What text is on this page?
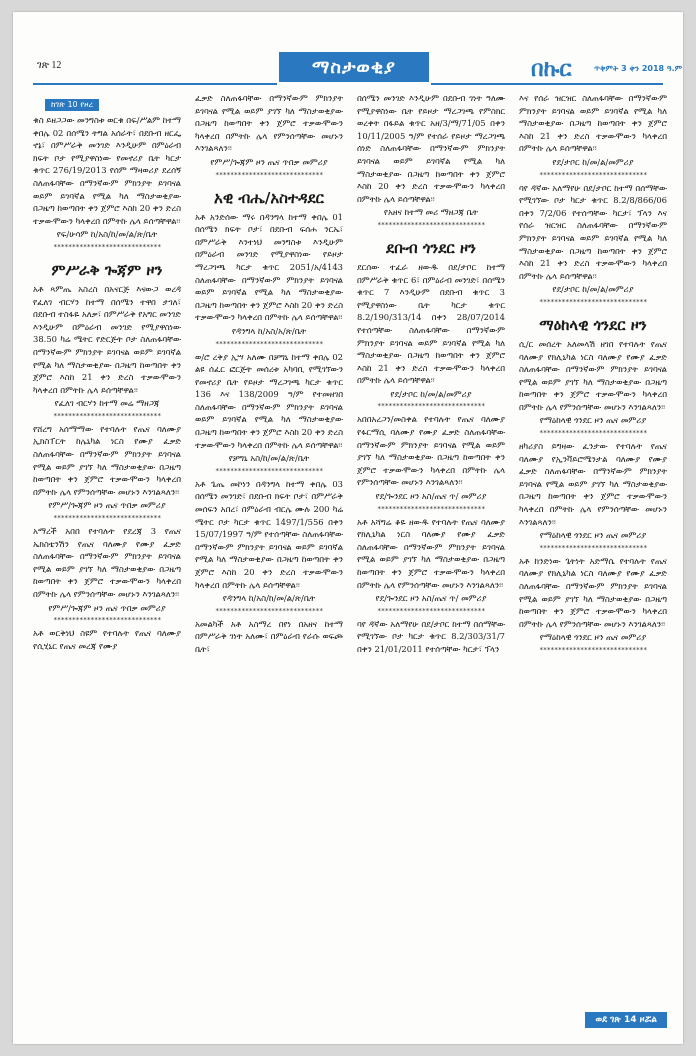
ገጽ 12	ማስታወቂያ	በኩር	ጥቅምት 3 ቀን 2018 ዓ.ም
ከገጽ 10 የዞረ

ቁስ ይዘጋጋው መንግስቱ ወርቁ በፍ/ሥልም ከተማ ቀበሌ 02 በሰሜን ትግል አሰራት፣ በደቡብ ዘርፌ ኖኔ፣ በምሥራቅ መንገድ እንዲሁም በምዕራብ ክፍት ቦታ የሚያዋስነው የመኖሪያ ቤት ካርታ ቁጥር 276/19/2013 የሰም ማዛወሪያ ደረሰኝ ስለጠፋባቸው በማንኛውም ምክንያት ይገባናል ወይም ይገባኛል የሚል ካለ ማስታወቂያው በጋዜጣ ከወጣበት ቀን ጀምሮ እስከ 20 ቀን ድረስ ተቃውሞውን ካላቀረበ በምትኩ ሌላ ይሰጣቸዋል፡፡

የፍ/ሁሳም ከ/አስ/ከ/መ/ል/ጽ/ቤት
*****************************
ምሥራቅ ጐጃም ዞን

አቶ ጻምጤ አስረስ በአናርጅ እናውጋ ወረዳ የፈለገ ብርሃን ከተማ በሰሜን ተዋበ ታገለ፣ በደቡብ ተስፋዬ አለቃ፣ በምሥራቅ የአግር መንገድ እንዲሁም በምዕራብ መንገድ የሚያዋስነው 38.50 ካሬ ሜትር የድርጅት ቦታ ስለጠፋባቸው በማንኛውም ምክንያት ይገባናል ወይም ይገባኛል የሚል ካለ ማስታወቂያው በጋዜጣ ከወጣበት ቀን ጀምሮ እስከ 21 ቀን ድረስ ተቃውሞውን ካላቀረበ በምትኩ ሌላ ይሰጣቸዋል፡፡

የፈለገ ብርሃን ከተማ መሬ ማዘጋጃ
*****************************

የሸረግ አሰማማው የተባሉት የጤና ባለሙያ ኢክስፐርት ከሌኒካል ነርስ የሙያ ፈቃድ ስለጠፋባቸው በማንኛውም ምክንያት ይገባናል የሚል ወይም ያገኘ ካለ ማስታወቂያው በጋዜጣ ከወጣበት ቀን ጀምሮ ተቃውሞውን ካላቀረበ በምትኩ ሌላ የምንሰጣቸው መሆኑን እንገልጻለን፡፡

የምሥ/ጐጃም ዞን ጤና ጥበቃ መምሪያ
*****************************

አማረች አበበ የተባሉት የደረጃ 3 የጤና ኤክስቴንሽን የጤና ባለሙያ የሙያ ፈቃድ ስለጠፋባቸው በማንኛውም ምክንያት ይገባናል የሚል ወይም ያገኘ ካለ ማስታወቂያው በጋዜጣ ከወጣበት ቀን ጀምሮ ተቃውሞውን ካላቀረበ በምትኩ ሌላ የምንሰጣቸው መሆኑን እንገልጻለን፡፡

የምሥ/ጐጃም ዞን ጤና ጥበቃ መምሪያ
*****************************

አቶ ወርቅነህ ስዩም የተባሉት የጤና ባለሙያ የሲሂኒር የጤና መረጃ የሙያ

ፈቃድ ስለጠፋባቸው በማንኛውም ምክንያት ይገባናል የሚል ወይም ያገኘ ካለ ማስታወቂያው በጋዜጣ ከወጣበት ቀን ጀምሮ ተቃውሞውን ካላቀረበ በምትኩ ሌላ የምንሰጣቸው መሆኑን እንገልጻለን፡፡

የምሥ/ጐጃም ዞን ጤና ጥበቃ መምሪያ
*****************************
አዊ ብሔ/አስተዳደር

አቶ አንድሰው ማሩ በዳንግላ ከተማ ቀበሌ 01 በሰሜን ክፍት ቦታ፣ በደቡብ ፍሰሐ ንርኤ፣ በምሥራቅ እንተነህ መንግስቱ እንዲሁም በምዕራብ መንገድ የሚያዋስነው የይዞታ ማረጋገጫ ካርታ ቁጥር 2051/አ/4143 ስለጠፋባቸው በማንኛውም ምክንያት ይገባናል ወይም ይገባኛል የሚል ካለ ማስታወቂያው በጋዜጣ ከወጣበት ቀን ጀምሮ እስከ 20 ቀን ድረስ ተቃውሞውን ካላቀረበ በምትኩ ሌላ ይሰጣቸዋል፡፡

የዳንግላ ከ/አስ/አ/ጽ/ቤት
*****************************

ወ/ሮ ረቅያ ኢሣ አለሙ በቻግኒ ከተማ ቀበሌ 02 ልዩ ሰፈር ፎርጅት መሰረቱ አካባቢ የሚገኘውን የመኖሪያ ቤት የይዞታ ማረጋገጫ ካርታ ቁጥር 136 እና 138/2009 ዓ/ም የተመዘገበ ስለጠፋባቸው በማንኛውም ምክንያት ይገባናል ወይም ይገባኛል የሚል ካለ ማስታወቂያው በጋዜጣ ከወጣበት ቀን ጀምሮ እስከ 20 ቀን ድረስ ተቃውሞውን ካላቀረበ በምትኩ ሌላ ይሰጣቸዋል፡፡

የቻግኒ አስ/ከ/መ/ል/ጽ/ቤት
*****************************

አቶ ጌጤ መኮነን በዳንግላ ከተማ ቀበሌ 03 በሰሜን መንገድ፣ በደቡብ ክፍት ቦታ፣ በምሥራቅ መሰፍን አበረ፣ በምዕራብ ብርሌ ሙሉ 200 ካሬ ሜትር ቦታ ካርታ ቁጥር 1497/1/556 በቀን 15/07/1997 ዓ/ም የተሰጣቸው ስለጠፋባቸው በማንኛውም ምክንያት ይገባናል ወይም ይገባኛል የሚል ካለ ማስታወቂያው በጋዜጣ ከወጣበት ቀን ጀምሮ እስከ 20 ቀን ድረስ ተቃውሞውን ካላቀረበ በምትኩ ሌላ ይሰጣቸዋል፡፡

የዳንግላ ከ/አስ/ከ/መ/ል/ጽ/ቤት
*****************************

አመልካች አቶ አስማረ በየነ በአዘና ከተማ በምሥራቅ ገነት አለሙ፣ በምዕራብ የራሱ ወፍጮ ቤት፣

በሰሜን መንገድ እንዲሁም በደቡብ ገነት ዓለሙ የሚያዋስነው ቤት የይዞታ ማረጋገጫ የምስክር ወረቀት በፋይል ቁጥር አዘ/3/ማ/71/05 በቀን 10/11/2005 ዓ/ም የተሰራ የይዞታ ማረጋገጫ ሰነድ ስለጠፋባቸው በማንኛውም ምክንያት ይገባናል ወይም ይገባኛል የሚል ካለ ማስታወቂያው በጋዜጣ ከወጣበት ቀን ጀምሮ እስከ 20 ቀን ድረስ ተቃውሞውን ካላቀረበ በምትኩ ሌላ ይሰጣቸዋል፡፡

የአዘና ከተማ መሪ ማዘጋጃ ቤት
*****************************
ደቡብ ጎንደር ዞን

ደርሰው ተፈራ ዘውዱ በደ/ታቦር ከተማ በምሥራቅ ቁጥር 6፣ በምዕራብ መንገድ፣ በሰሜን ቁጥር 7 እንዲሁም በደቡብ ቁጥር 3 የሚያዋስነው ቤት ካርታ ቁጥር 8.2/190/313/14 በቀን 28/07/2014 የተሰጣቸው ስለጠፋባቸው በማንኛውም ምክንያት ይገባናል ወይም ይገባኛል የሚል ካለ ማስታወቂያው በጋዜጣ ከወጣበት ቀን ጀምሮ እስከ 21 ቀን ድረስ ተቃውሞውን ካላቀረበ በምትኩ ሌላ ይሰጣቸዋል፡፡

የደ/ታቦር ከ/መ/ል/መምሪያ
*****************************

አበበአረጋን/መስቀል የተባሉት የጤና ባለሙያ የፋርማሲ ባለሙያ የሙያ ፈቃድ ስለጠፋባቸው በማንኛውም ምክንያት ይገባናል የሚል ወይም ያገኘ ካለ ማስታወቂያው በጋዜጣ ከወጣበት ቀን ጀምሮ ተቃውሞውን ካላቀረበ በምትኩ ሌላ የምንሰጣቸው መሆኑን እንገልጻለን፡፡

የደ/ጐንደር ዞን አስ/ጤና ጥ/ መምሪያ
*****************************

አቶ አሻግሬ ቆዬ ዘውዱ የተባሉት የጤና ባለሙያ የክሊኒካል ነርስ ባለሙያ የሙያ ፈቃድ ስለጠፋባቸው በማንኛውም ምክንያት ይገባናል የሚል ወይም ያገኘ ካለ ማስታወቂያው በጋዜጣ ከወጣበት ቀን ጀምሮ ተቃውሞውን ካላቀረበ በምትኩ ሌላ የምንሰጣቸው መሆኑን እንገልጻለን፡፡

የደ/ጐንደር ዞን አስ/ጤና ጥ/ መምሪያ
*****************************

ባየ ዳኛው አለማየሁ በደ/ታቦር ከተማ በሰማቸው የሚገኘው ቦታ ካርታ ቁጥር 8.2/303/31/7 በቀን 21/01/2011 የተሰጣቸው ካርታ፣ ፕላን

እና የሰራ ዝርዝር ስለጠፋባቸው በማንኛውም ምክንያት ይገባናል ወይም ይገባኛል የሚል ካለ ማስታወቂያው በጋዜጣ ከወጣበት ቀን ጀምሮ እስከ 21 ቀን ድረስ ተቃውሞውን ካላቀረበ በምትኩ ሌላ ይሰጣቸዋል፡፡

የደ/ታቦር ከ/መ/ል/መምሪያ
*****************************

ባየ ዳኛው አለማየሁ በደ/ታቦር ከተማ በሰማቸው የሚገኘው ቦታ ካርታ ቁጥር 8.2/8/866/06 በቀን 7/2/06 የተሰጣቸው ካርታ፣ ፕላን እና የሰራ ዝርዝር ስለጠፋባቸው በማንኛውም ምክንያት ይገባናል ወይም ይገባኛል የሚል ካለ ማስታወቂያው በጋዜጣ ከወጣበት ቀን ጀምሮ እስከ 21 ቀን ድረስ ተቃውሞውን ካላቀረበ በምትኩ ሌላ ይሰጣቸዋል፡፡

የደ/ታቦር ከ/መ/ል/መምሪያ
*****************************
ማዕከላዊ ጎንደር ዞን

ሲ/ር መሰረት አለመላሽ ዘገበ የተባሉት የጤና ባለሙያ የክሊኒካል ነርስ ባለሙያ የሙያ ፈቃድ ስለጠፋባቸው በማንኛውም ምክንያት ይገባናል የሚል ወይም ያገኘ ካለ ማስታወቂያው በጋዜጣ ከወጣበት ቀን ጀምሮ ተቃውሞውን ካላቀረበ በምትኩ ሌላ የምንሰጣቸው መሆኑን እንገልጻለን፡፡

የማዕከላዊ ጎንደር ዞን ጤና መምሪያ
*****************************

ዘካሪያስ ይግዛው ፈንታው የተባሉት የጤና ባለሙያ የኢንቫይሮሜንታል ባለሙያ የሙያ ፈቃድ ስለጠፋባቸው በማንኛውም ምክንያት ይገባናል የሚል ወይም ያገኘ ካለ ማስታወቂያው በጋዜጣ ከወጣበት ቀን ጀምሮ ተቃውሞውን ካላቀረበ በምትኩ ሌላ የምንሰጣቸው መሆኑን እንገልጻለን፡፡

የማዕከላዊ ጎንደር ዞን ጤና መምሪያ
*****************************

አቶ ከንድነው ጌትነት አድማሴ የተባሉት የጤና ባለሙያ የክሊኒካል ነርስ ባለሙያ የሙያ ፈቃድ ስለጠፋባቸው በማንኛውም ምክንያት ይገባናል የሚል ወይም ያገኘ ካለ ማስታወቂያው በጋዜጣ ከወጣበት ቀን ጀምሮ ተቃውሞውን ካላቀረበ በምትኩ ሌላ የምንሰጣቸው መሆኑን እንገልጻለን፡፡

የማዕከላዊ ጎንደር ዞን ጤና መምሪያ
*****************************
ወደ ገጽ 14 ዞሯል
